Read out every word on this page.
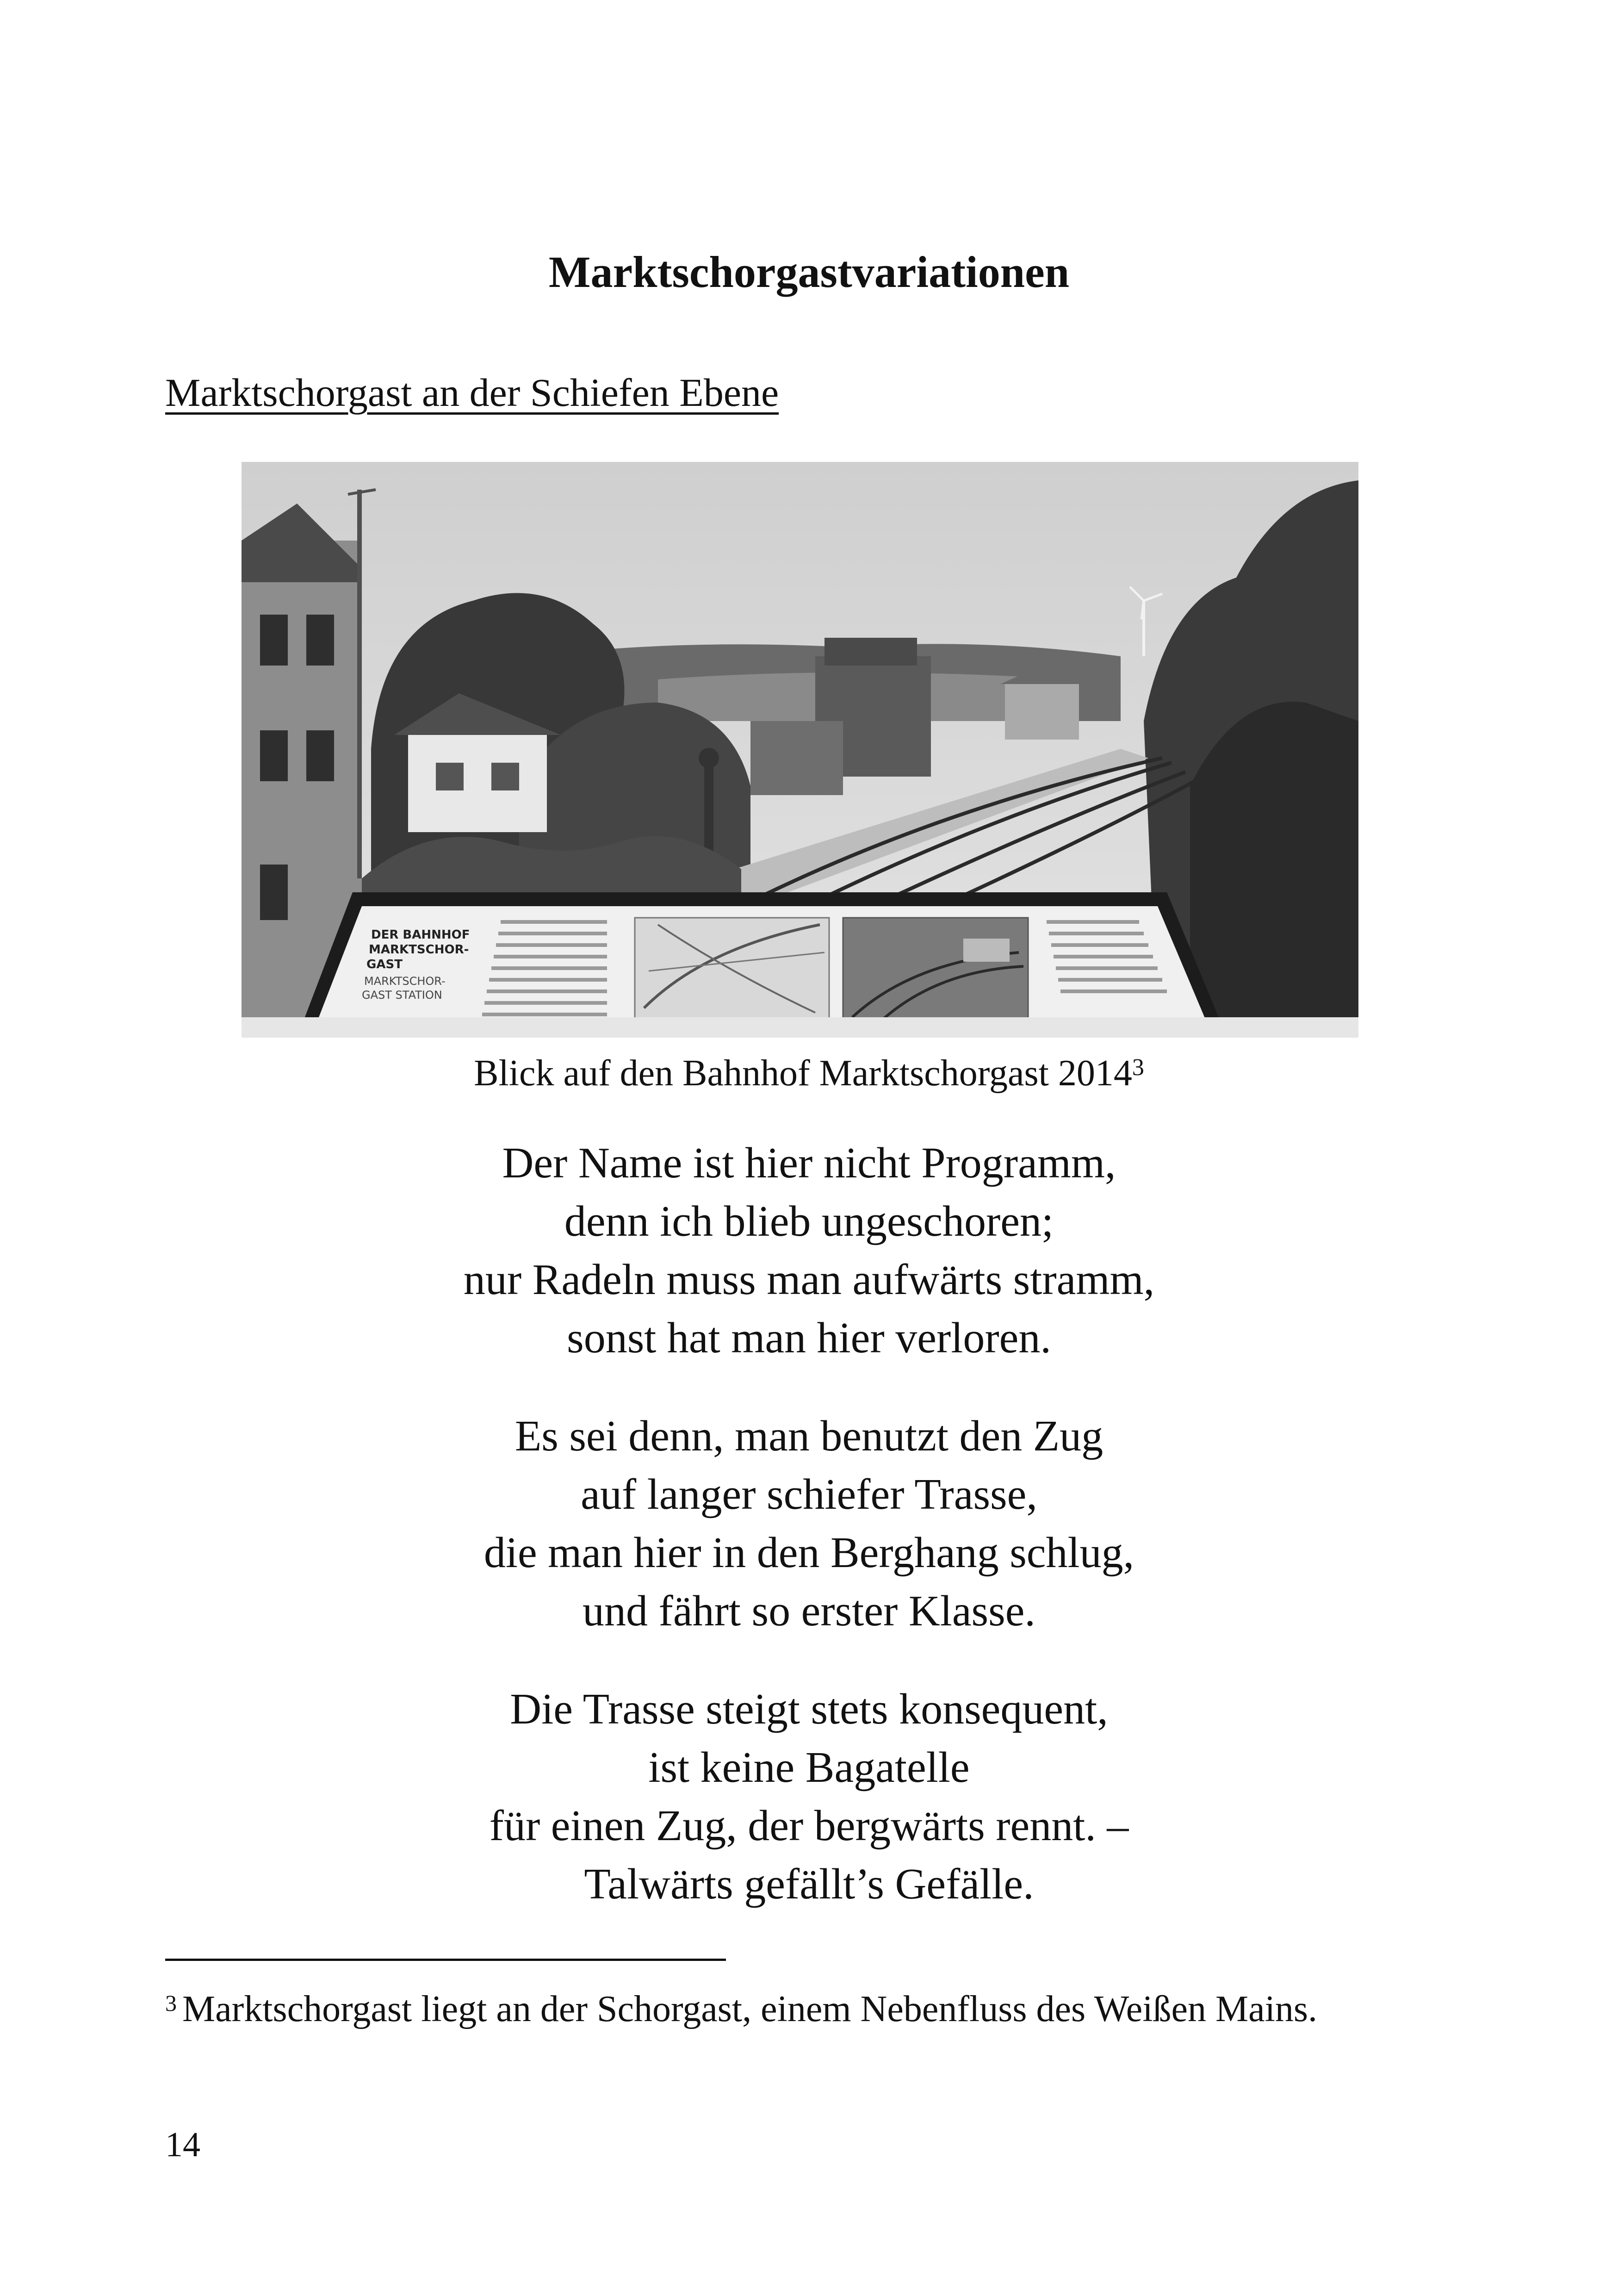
Marktschorgastvariationen
Marktschorgast an der Schiefen Ebene
DER BAHNHOF
MARKTSCHOR-
GAST
MARKTSCHOR-
GAST STATION
Blick auf den Bahnhof Marktschorgast 2014$^3$
Der Name ist hier nicht Programm,
denn ich blieb ungeschoren;
nur Radeln muss man aufwärts stramm,
sonst hat man hier verloren.
Es sei denn, man benutzt den Zug
auf langer schiefer Trasse,
die man hier in den Berghang schlug,
und fährt so erster Klasse.
Die Trasse steigt stets konsequent,
ist keine Bagatelle
für einen Zug, der bergwärts rennt. –
Talwärts gefällt’s Gefälle.
$^3$ Marktschorgast liegt an der Schorgast, einem Nebenfluss des Weißen Mains.
14
